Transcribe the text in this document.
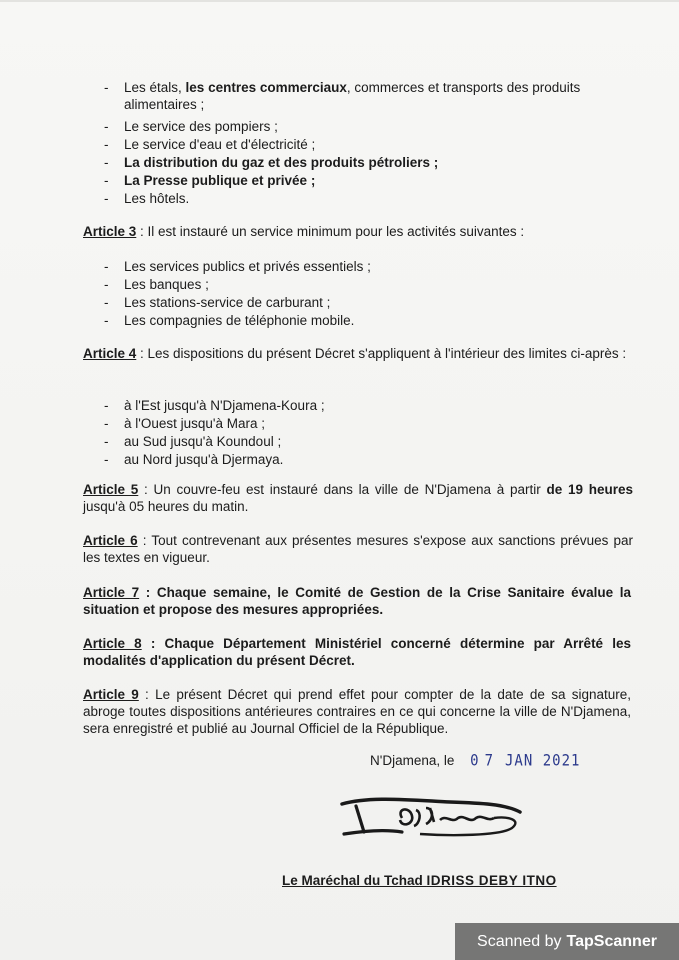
- Les étals, les centres commerciaux, commerces et transports des produits
alimentaires ;
- Le service des pompiers ;
- Le service d'eau et d'électricité ;
- La distribution du gaz et des produits pétroliers ;
- La Presse publique et privée ;
- Les hôtels.
Article 3 : Il est instauré un service minimum pour les activités suivantes :
- Les services publics et privés essentiels ;
- Les banques ;
- Les stations-service de carburant ;
- Les compagnies de téléphonie mobile.
Article 4 : Les dispositions du présent Décret s'appliquent à l'intérieur des limites ci-après :
- à l'Est jusqu'à N'Djamena-Koura ;
- à l'Ouest jusqu'à Mara ;
- au Sud jusqu'à Koundoul ;
- au Nord jusqu'à Djermaya.
Article 5 : Un couvre-feu est instauré dans la ville de N'Djamena à partir de 19 heures jusqu'à 05 heures du matin.
Article 6 : Tout contrevenant aux présentes mesures s'expose aux sanctions prévues par les textes en vigueur.
Article 7 : Chaque semaine, le Comité de Gestion de la Crise Sanitaire évalue la situation et propose des mesures appropriées.
Article 8 : Chaque Département Ministériel concerné détermine par Arrêté les modalités d'application du présent Décret.
Article 9 : Le présent Décret qui prend effet pour compter de la date de sa signature, abroge toutes dispositions antérieures contraires en ce qui concerne la ville de N'Djamena, sera enregistré et publié au Journal Officiel de la République.
N'Djamena, le 07 JAN 2021
Le Maréchal du Tchad IDRISS DEBY ITNO
Scanned by TapScanner
